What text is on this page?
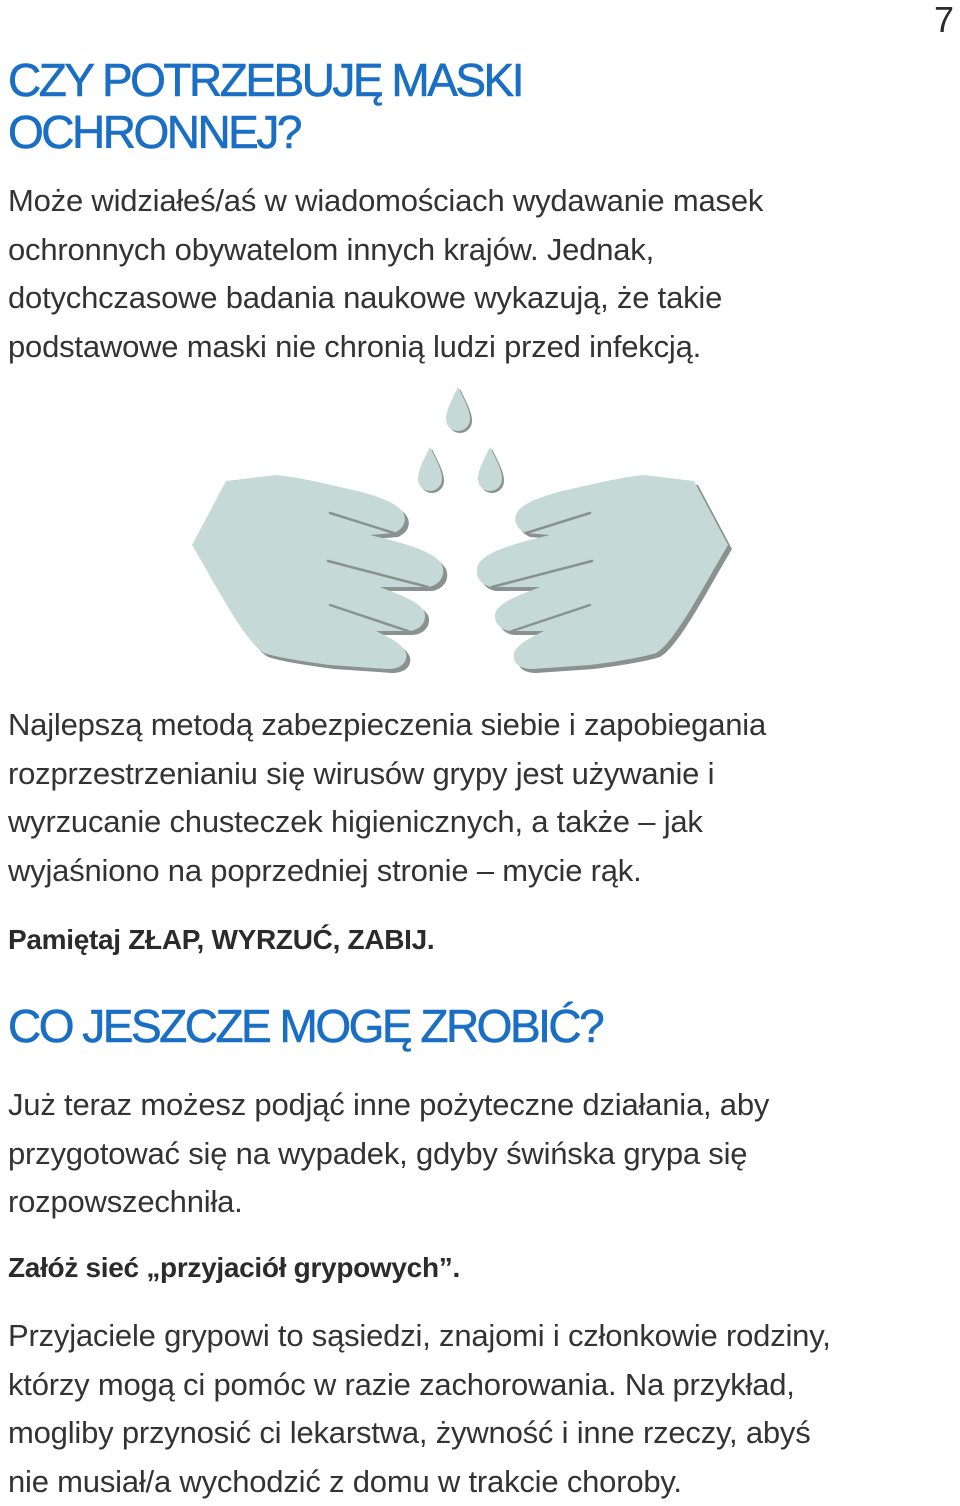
7
CZY POTRZEBUJĘ MASKI
OCHRONNEJ?

Może widziałeś/aś w wiadomościach wydawanie masek
ochronnych obywatelom innych krajów. Jednak,
dotychczasowe badania naukowe wykazują, że takie
podstawowe maski nie chronią ludzi przed infekcją.

Najlepszą metodą zabezpieczenia siebie i zapobiegania
rozprzestrzenianiu się wirusów grypy jest używanie i
wyrzucanie chusteczek higienicznych, a także – jak
wyjaśniono na poprzedniej stronie – mycie rąk.

Pamiętaj ZŁAP, WYRZUĆ, ZABIJ.

CO JESZCZE MOGĘ ZROBIĆ?

Już teraz możesz podjąć inne pożyteczne działania, aby
przygotować się na wypadek, gdyby świńska grypa się
rozpowszechniła.

Załóż sieć „przyjaciół grypowych”.

Przyjaciele grypowi to sąsiedzi, znajomi i członkowie rodziny,
którzy mogą ci pomóc w razie zachorowania. Na przykład,
mogliby przynosić ci lekarstwa, żywność i inne rzeczy, abyś
nie musiał/a wychodzić z domu w trakcie choroby.
